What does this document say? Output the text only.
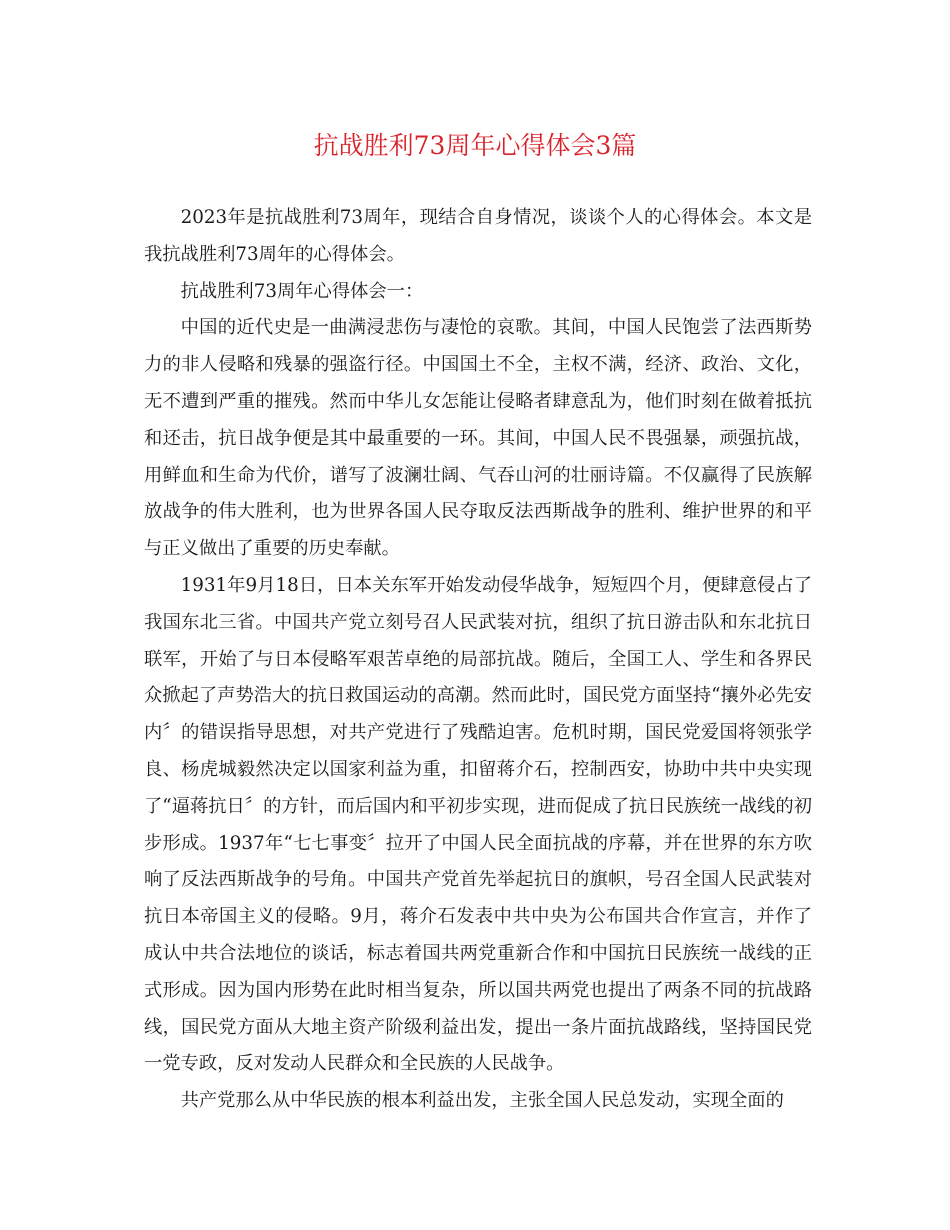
抗战胜利73周年心得体会3篇

2023年是抗战胜利73周年，现结合自身情况，谈谈个人的心得体会。本文是我抗战胜利73周年的心得体会。

抗战胜利73周年心得体会一：

中国的近代史是一曲满浸悲伤与凄怆的哀歌。其间，中国人民饱尝了法西斯势力的非人侵略和残暴的强盗行径。中国国土不全，主权不满，经济、政治、文化，无不遭到严重的摧残。然而中华儿女怎能让侵略者肆意乱为，他们时刻在做着抵抗和还击，抗日战争便是其中最重要的一环。其间，中国人民不畏强暴，顽强抗战，用鲜血和生命为代价，谱写了波澜壮阔、气吞山河的壮丽诗篇。不仅赢得了民族解放战争的伟大胜利，也为世界各国人民夺取反法西斯战争的胜利、维护世界的和平与正义做出了重要的历史奉献。

1931年9月18日，日本关东军开始发动侵华战争，短短四个月，便肆意侵占了我国东北三省。中国共产党立刻号召人民武装对抗，组织了抗日游击队和东北抗日联军，开始了与日本侵略军艰苦卓绝的局部抗战。随后，全国工人、学生和各界民众掀起了声势浩大的抗日救国运动的高潮。然而此时，国民党方面坚持“攘外必先安内〞的错误指导思想，对共产党进行了残酷迫害。危机时期，国民党爱国将领张学良、杨虎城毅然决定以国家利益为重，扣留蒋介石，控制西安，协助中共中央实现了“逼蒋抗日〞的方针，而后国内和平初步实现，进而促成了抗日民族统一战线的初步形成。1937年“七七事变〞拉开了中国人民全面抗战的序幕，并在世界的东方吹响了反法西斯战争的号角。中国共产党首先举起抗日的旗帜，号召全国人民武装对抗日本帝国主义的侵略。9月，蒋介石发表中共中央为公布国共合作宣言，并作了成认中共合法地位的谈话，标志着国共两党重新合作和中国抗日民族统一战线的正式形成。因为国内形势在此时相当复杂，所以国共两党也提出了两条不同的抗战路线，国民党方面从大地主资产阶级利益出发，提出一条片面抗战路线，坚持国民党一党专政，反对发动人民群众和全民族的人民战争。

共产党那么从中华民族的根本利益出发，主张全国人民总发动，实现全面的
